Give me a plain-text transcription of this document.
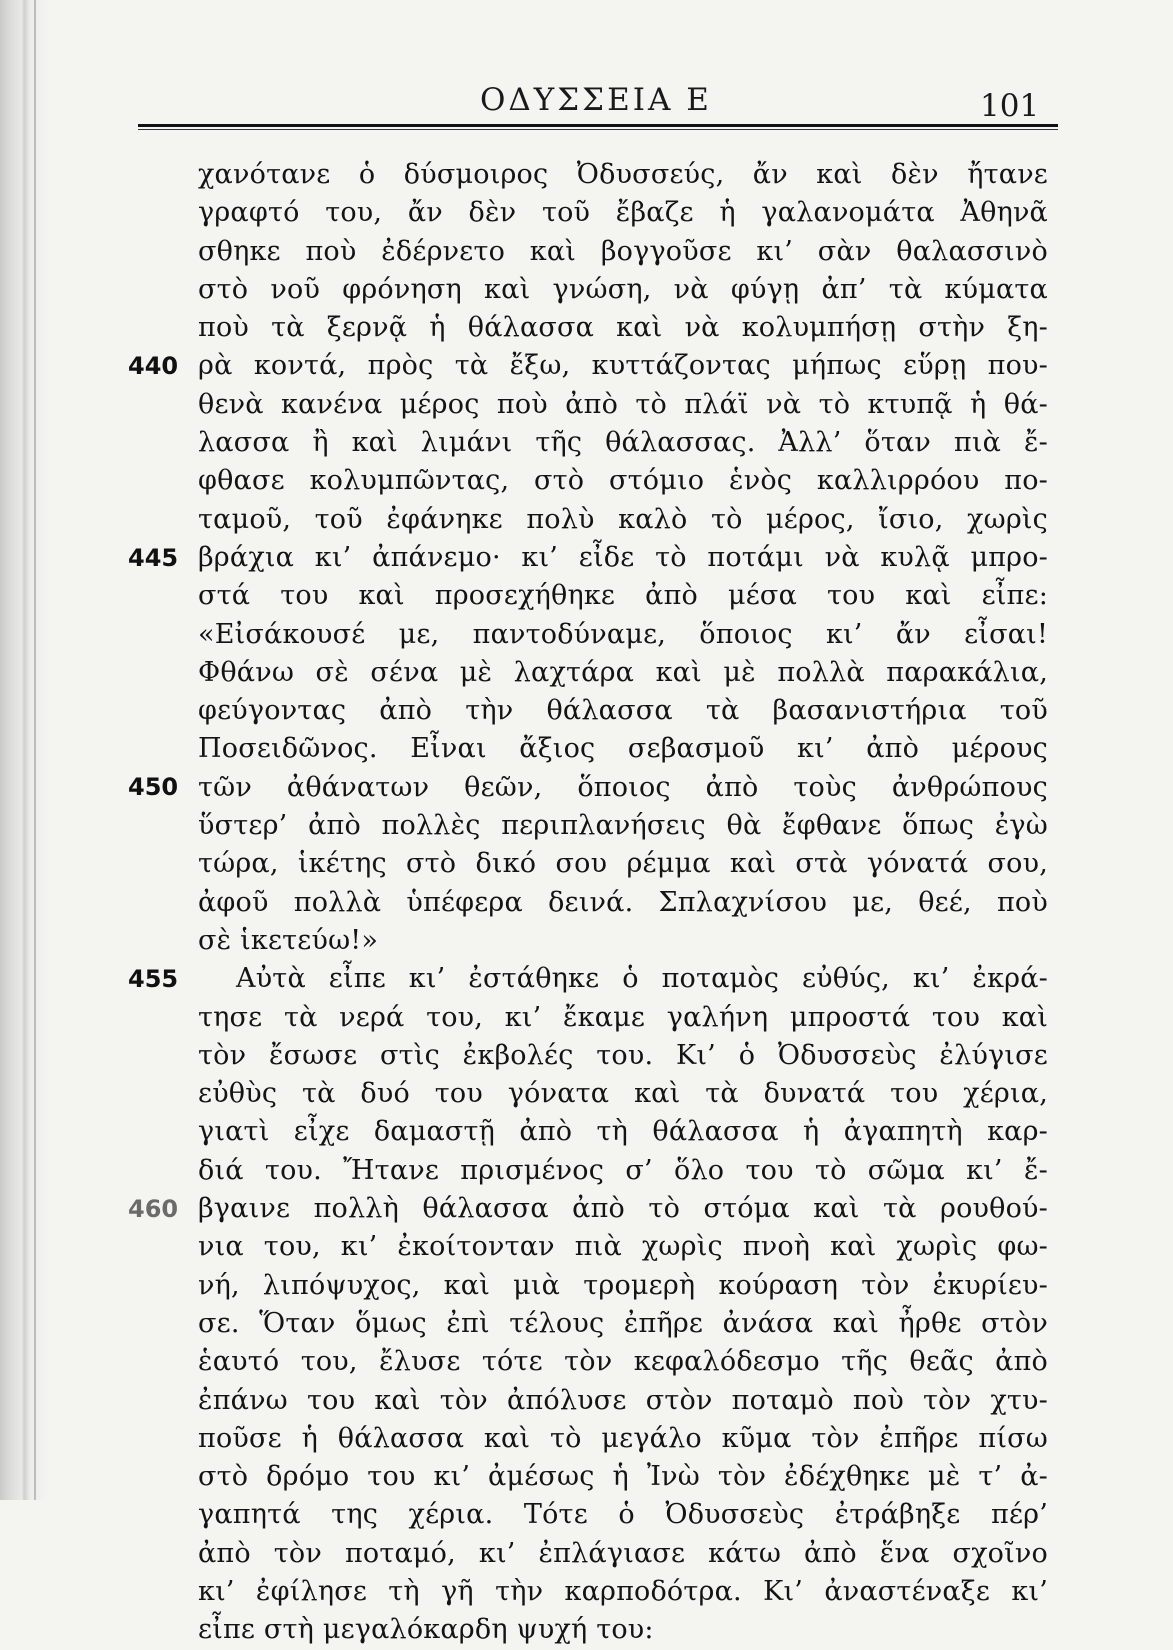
ΟΔΥΣΣΕΙΑ Ε	101
440
445
450
455
460
χανότανε ὁ δύσμοιρος Ὀδυσσεύς, ἄν καὶ δὲν ἤτανε
γραφτό του, ἄν δὲν τοῦ ἔβαζε ἡ γαλανομάτα Ἀθηνᾶ
σθηκε ποὺ ἐδέρνετο καὶ βογγοῦσε κι’ σὰν θαλασσινὸ
στὸ νοῦ φρόνηση καὶ γνώση, νὰ φύγῃ ἀπ’ τὰ κύματα
ποὺ τὰ ξερνᾷ ἡ θάλασσα καὶ νὰ κολυμπήσῃ στὴν ξη-
ρὰ κοντά, πρὸς τὰ ἔξω, κυττάζοντας μήπως εὕρῃ που-
θενὰ κανένα μέρος ποὺ ἀπὸ τὸ πλάϊ νὰ τὸ κτυπᾷ ἡ θά-
λασσα ἢ καὶ λιμάνι τῆς θάλασσας. Ἀλλ’ ὅταν πιὰ ἔ-
φθασε κολυμπῶντας, στὸ στόμιο ἑνὸς καλλιρρόου πο-
ταμοῦ, τοῦ ἐφάνηκε πολὺ καλὸ τὸ μέρος, ἴσιο, χωρὶς
βράχια κι’ ἀπάνεμο· κι’ εἶδε τὸ ποτάμι νὰ κυλᾷ μπρο-
στά του καὶ προσεχήθηκε ἀπὸ μέσα του καὶ εἶπε:
«Εἰσάκουσέ με, παντοδύναμε, ὅποιος κι’ ἄν εἶσαι!
Φθάνω σὲ σένα μὲ λαχτάρα καὶ μὲ πολλὰ παρακάλια,
φεύγοντας ἀπὸ τὴν θάλασσα τὰ βασανιστήρια τοῦ
Ποσειδῶνος. Εἶναι ἄξιος σεβασμοῦ κι’ ἀπὸ μέρους
τῶν ἀθάνατων θεῶν, ὅποιος ἀπὸ τοὺς ἀνθρώπους
ὕστερ’ ἀπὸ πολλὲς περιπλανήσεις θὰ ἔφθανε ὅπως ἐγὼ
τώρα, ἱκέτης στὸ δικό σου ρέμμα καὶ στὰ γόνατά σου,
ἀφοῦ πολλὰ ὑπέφερα δεινά. Σπλαχνίσου με, θεέ, ποὺ
σὲ ἱκετεύω!»
Αὐτὰ εἶπε κι’ ἐστάθηκε ὁ ποταμὸς εὐθύς, κι’ ἐκρά-
τησε τὰ νερά του, κι’ ἔκαμε γαλήνη μπροστά του καὶ
τὸν ἔσωσε στὶς ἐκβολές του. Κι’ ὁ Ὀδυσσεὺς ἐλύγισε
εὐθὺς τὰ δυό του γόνατα καὶ τὰ δυνατά του χέρια,
γιατὶ εἶχε δαμαστῇ ἀπὸ τὴ θάλασσα ἡ ἀγαπητὴ καρ-
διά του. Ἤτανε πρισμένος σ’ ὅλο του τὸ σῶμα κι’ ἔ-
βγαινε πολλὴ θάλασσα ἀπὸ τὸ στόμα καὶ τὰ ρουθού-
νια του, κι’ ἐκοίτονταν πιὰ χωρὶς πνοὴ καὶ χωρὶς φω-
νή, λιπόψυχος, καὶ μιὰ τρομερὴ κούραση τὸν ἐκυρίευ-
σε. Ὅταν ὅμως ἐπὶ τέλους ἐπῆρε ἀνάσα καὶ ἦρθε στὸν
ἑαυτό του, ἔλυσε τότε τὸν κεφαλόδεσμο τῆς θεᾶς ἀπὸ
ἐπάνω του καὶ τὸν ἀπόλυσε στὸν ποταμὸ ποὺ τὸν χτυ-
ποῦσε ἡ θάλασσα καὶ τὸ μεγάλο κῦμα τὸν ἐπῆρε πίσω
στὸ δρόμο του κι’ ἀμέσως ἡ Ἰνὼ τὸν ἐδέχθηκε μὲ τ’ ἀ-
γαπητά της χέρια. Τότε ὁ Ὀδυσσεὺς ἐτράβηξε πέρ’
ἀπὸ τὸν ποταμό, κι’ ἐπλάγιασε κάτω ἀπὸ ἕνα σχοῖνο
κι’ ἐφίλησε τὴ γῆ τὴν καρποδότρα. Κι’ ἀναστέναξε κι’
εἶπε στὴ μεγαλόκαρδη ψυχή του:
